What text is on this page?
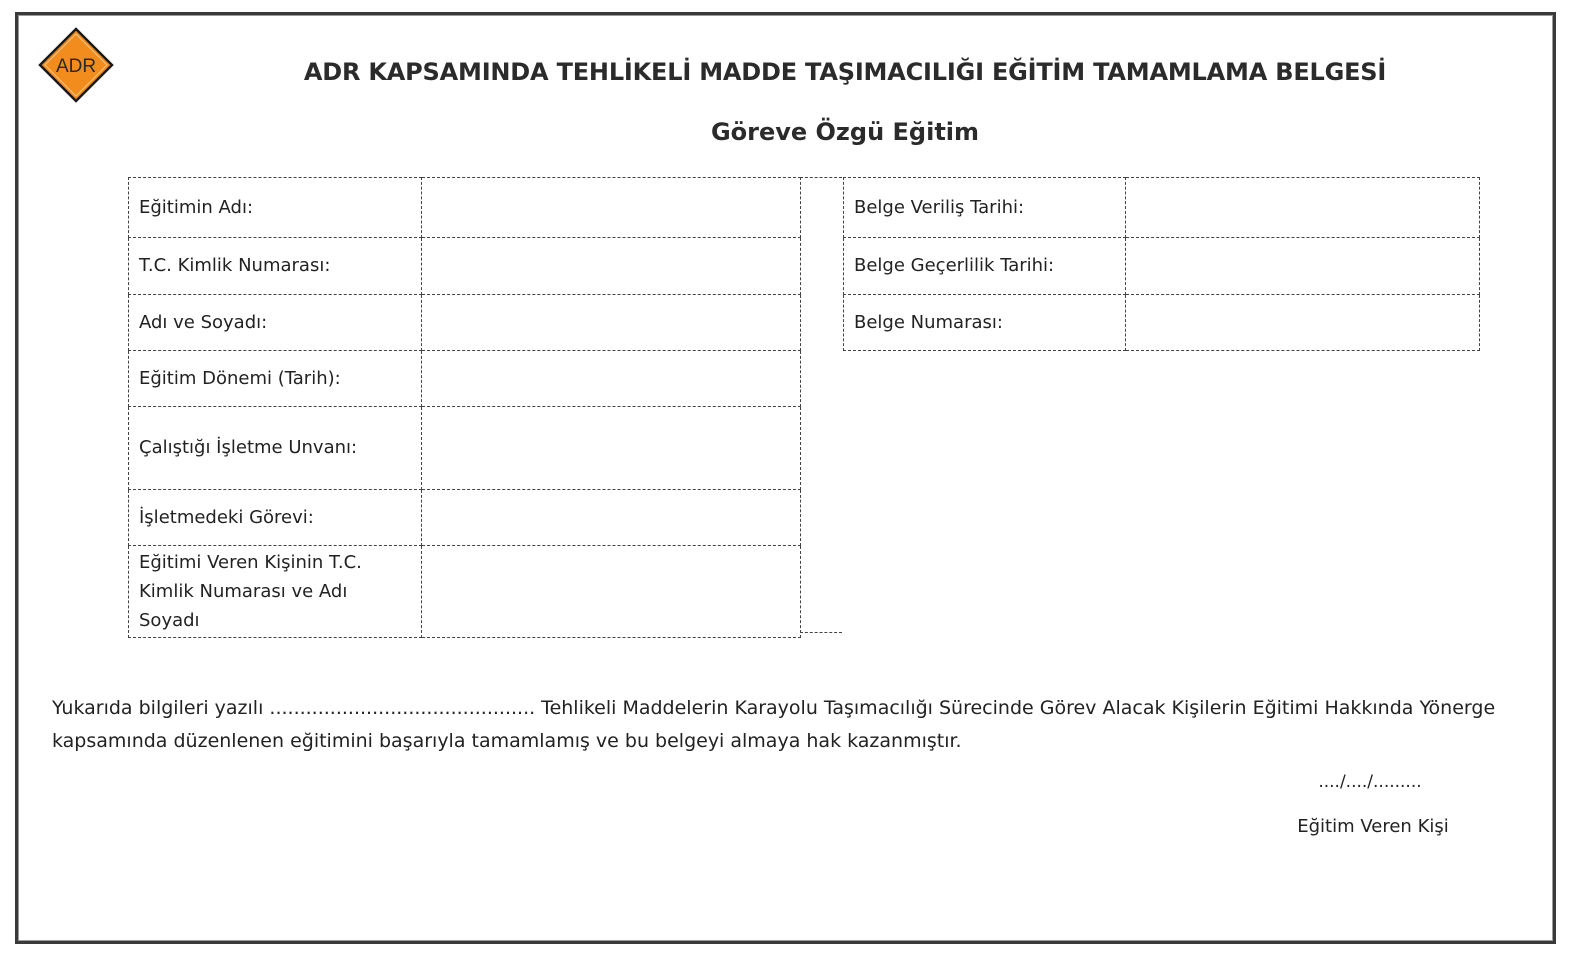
ADR	ADR KAPSAMINDA TEHLİKELİ MADDE TAŞIMACILIĞI EĞİTİM TAMAMLAMA BELGESİ
Göreve Özgü Eğitim
Eğitimin Adı:	
T.C. Kimlik Numarası:	
Adı ve Soyadı:	
Eğitim Dönemi (Tarih):	
Çalıştığı İşletme Unvanı:	
İşletmedeki Görevi:	
Eğitimi Veren Kişinin T.C. Kimlik Numarası ve Adı Soyadı	
Belge Veriliş Tarihi:	
Belge Geçerlilik Tarihi:	
Belge Numarası:	
Yukarıda bilgileri yazılı ............................................ Tehlikeli Maddelerin Karayolu Taşımacılığı Sürecinde Görev Alacak Kişilerin Eğitimi Hakkında Yönerge kapsamında düzenlenen eğitimini başarıyla tamamlamış ve bu belgeyi almaya hak kazanmıştır.
..../..../.........
Eğitim Veren Kişi
